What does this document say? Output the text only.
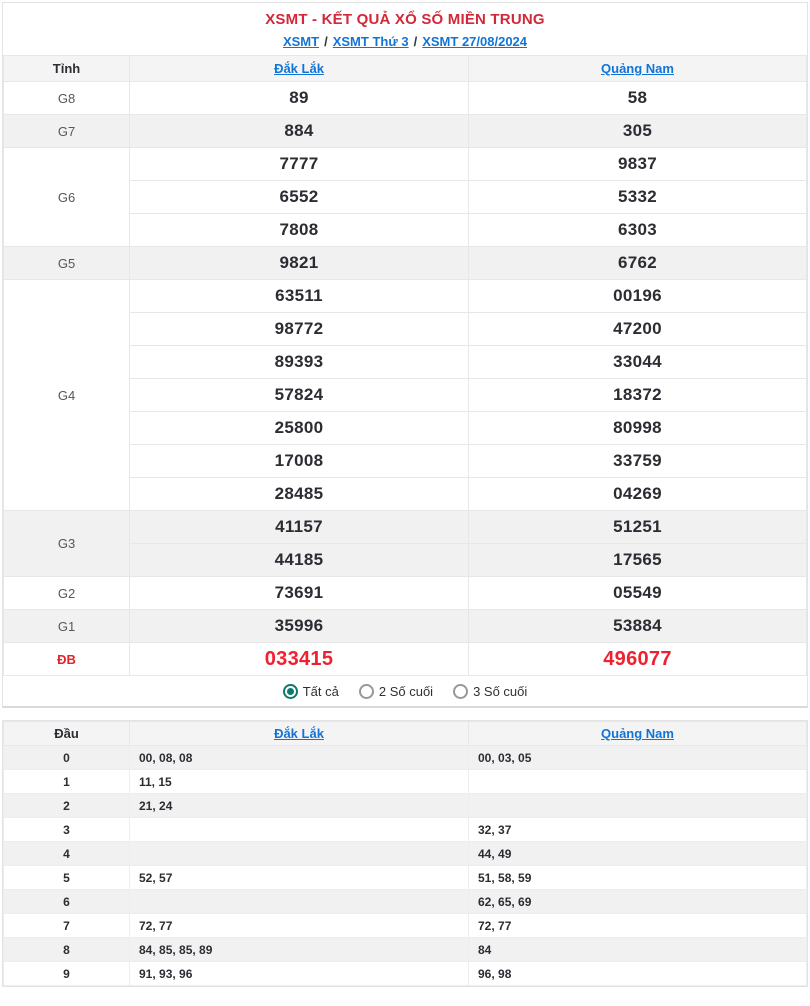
XSMT - KẾT QUẢ XỔ SỐ MIỀN TRUNG
XSMT / XSMT Thứ 3 / XSMT 27/08/2024
Tỉnh	Đắk Lắk	Quảng Nam
G8	89	58
G7	884	305
G6	7777	9837
	6552	5332
	7808	6303
G5	9821	6762
G4	63511	00196
	98772	47200
	89393	33044
	57824	18372
	25800	80998
	17008	33759
	28485	04269
G3	41157	51251
	44185	17565
G2	73691	05549
G1	35996	53884
ĐB	033415	496077
Tất cả	2 Số cuối	3 Số cuối
Đầu	Đắk Lắk	Quảng Nam
0	00, 08, 08	00, 03, 05
1	11, 15	
2	21, 24	
3		32, 37
4		44, 49
5	52, 57	51, 58, 59
6		62, 65, 69
7	72, 77	72, 77
8	84, 85, 85, 89	84
9	91, 93, 96	96, 98
